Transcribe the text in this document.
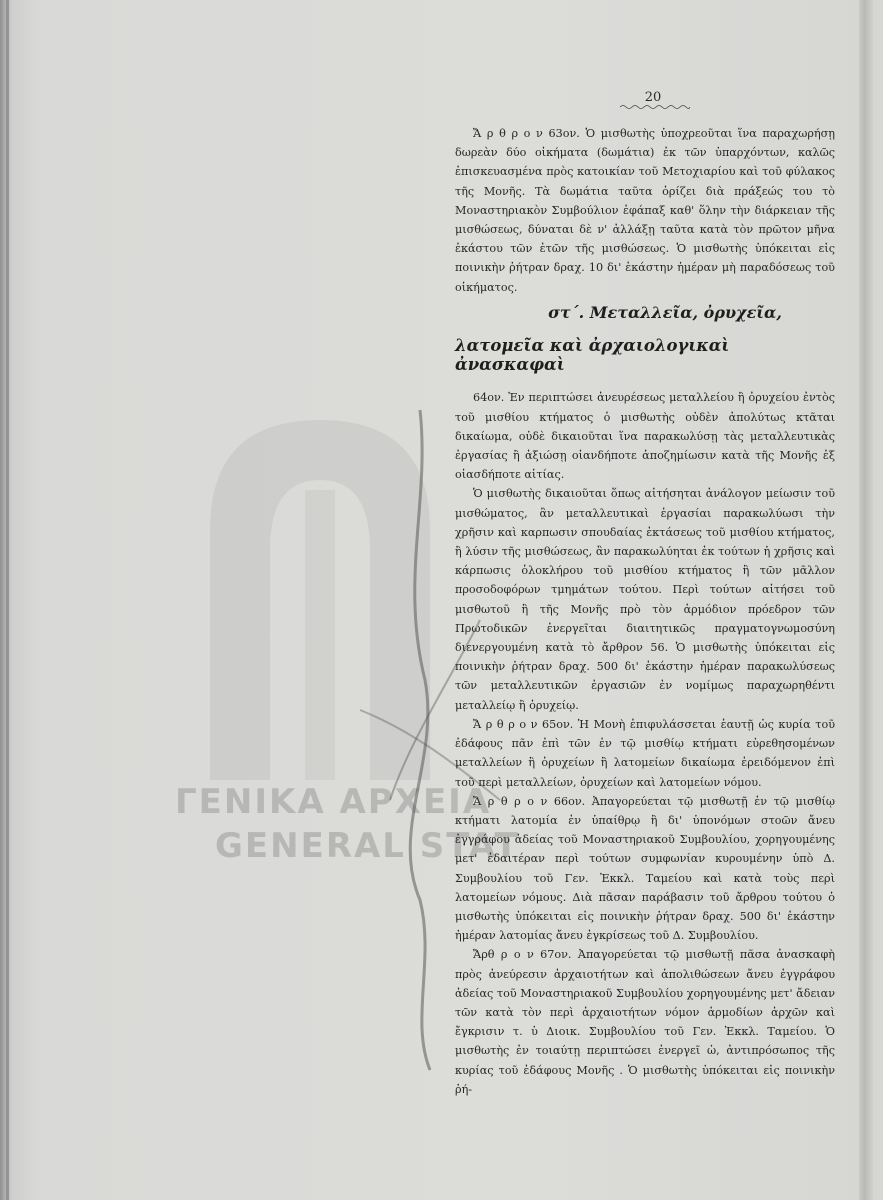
ΓΕΝΙΚΑ ΑΡΧΕΙΑ
GENERAL STAT
20

Ἄ ρ θ ρ ο ν 63ον. Ὁ μισθωτὴς ὑποχρεοῦται ἵνα παραχωρήσῃ δωρεὰν δύο οἰκήματα (δωμάτια) ἐκ τῶν ὑπαρχόντων, καλῶς ἐπισκευασμένα πρὸς κατοικίαν τοῦ Μετοχιαρίου καὶ τοῦ φύλακος τῆς Μονῆς. Τὰ δωμάτια ταῦτα ὁρίζει διὰ πράξεώς του τὸ Μοναστηριακὸν Συμβούλιον ἐφάπαξ καθ' ὅλην τὴν διάρκειαν τῆς μισθώσεως, δύναται δὲ ν' ἀλλάξῃ ταῦτα κατὰ τὸν πρῶτον μῆνα ἑκάστου τῶν ἐτῶν τῆς μισθώσεως. Ὁ μισθωτὴς ὑπόκειται εἰς ποινικὴν ῥήτραν δραχ. 10 δι' ἑκάστην ἡμέραν μὴ παραδόσεως τοῦ οἰκήματος.

στ΄. Μεταλλεῖα, ὀρυχεῖα,

λατομεῖα καὶ ἀρχαιολογικαὶ ἀνασκαφαὶ

64ον. Ἐν περιπτώσει ἀνευρέσεως μεταλλείου ἢ ὀρυχείου ἐντὸς τοῦ μισθίου κτήματος ὁ μισθωτὴς οὐδὲν ἀπολύτως κτᾶται δικαίωμα, οὐδὲ δικαιοῦται ἵνα παρακωλύσῃ τὰς μεταλλευτικὰς ἐργασίας ἢ ἀξιώσῃ οἱανδήποτε ἀποζημίωσιν κατὰ τῆς Μονῆς ἐξ οἱασδήποτε αἰτίας.

Ὁ μισθωτὴς δικαιοῦται ὅπως αἰτήσηται ἀνάλογον μείωσιν τοῦ μισθώματος, ἂν μεταλλευτικαὶ ἐργασίαι παρακωλύωσι τὴν χρῆσιν καὶ καρπωσιν σπουδαίας ἐκτάσεως τοῦ μισθίου κτήματος, ἢ λύσιν τῆς μισθώσεως, ἂν παρακωλύηται ἐκ τούτων ἡ χρῆσις καὶ κάρπωσις ὁλοκλήρου τοῦ μισθίου κτήματος ἢ τῶν μᾶλλον προσοδοφόρων τμημάτων τούτου. Περὶ τούτων αἰτήσει τοῦ μισθωτοῦ ἢ τῆς Μονῆς πρὸ τὸν ἁρμόδιον πρόεδρον τῶν Πρωτοδικῶν ἐνεργεῖται διαιτητικῶς πραγματογνωμοσύνη διενεργουμένη κατὰ τὸ ἄρθρον 56. Ὁ μισθωτὴς ὑπόκειται εἰς ποινικὴν ῥήτραν δραχ. 500 δι' ἑκάστην ἡμέραν παρακωλύσεως τῶν μεταλλευτικῶν ἐργασιῶν ἐν νομίμως παραχωρηθέντι μεταλλείῳ ἢ ὀρυχείῳ.

Ἄ ρ θ ρ ο ν 65ον. Ἡ Μονὴ ἐπιφυλάσσεται ἑαυτῇ ὡς κυρία τοῦ ἐδάφους πᾶν ἐπὶ τῶν ἐν τῷ μισθίῳ κτήματι εὑρεθησομένων μεταλλείων ἢ ὀρυχείων ἢ λατομείων δικαίωμα ἐρειδόμενον ἐπὶ τοῦ περὶ μεταλλείων, ὀρυχείων καὶ λατομείων νόμου.

Ἄ ρ θ ρ ο ν 66ον. Ἀπαγορεύεται τῷ μισθωτῇ ἐν τῷ μισθίῳ κτήματι λατομία ἐν ὑπαίθρῳ ἢ δι' ὑπονόμων στοῶν ἄνευ ἐγγράφου ἀδείας τοῦ Μοναστηριακοῦ Συμβουλίου, χορηγουμένης μετ' ἐδαιτέραν περὶ τούτων συμφωνίαν κυρουμένην ὑπὸ Δ. Συμβουλίου τοῦ Γεν. Ἐκκλ. Ταμείου καὶ κατὰ τοὺς περὶ λατομείων νόμους. Διὰ πᾶσαν παράβασιν τοῦ ἄρθρου τούτου ὁ μισθωτὴς ὑπόκειται εἰς ποινικὴν ῥήτραν δραχ. 500 δι' ἑκάστην ἡμέραν λατομίας ἄνευ ἐγκρίσεως τοῦ Δ. Συμβουλίου.

Ἄρθ ρ ο ν 67ον. Ἀπαγορεύεται τῷ μισθωτῇ πᾶσα ἀνασκαφὴ πρὸς ἀνεύρεσιν ἀρχαιοτήτων καὶ ἀπολιθώσεων ἄνευ ἐγγράφου ἀδείας τοῦ Μοναστηριακοῦ Συμβουλίου χορηγουμένης μετ' ἄδειαν τῶν κατὰ τὸν περὶ ἀρχαιοτήτων νόμον ἁρμοδίων ἀρχῶν καὶ ἔγκρισιν τ. ὑ Διοικ. Συμβουλίου τοῦ Γεν. Ἐκκλ. Ταμείου. Ὁ μισθωτὴς ἐν τοιαύτῃ περιπτώσει ἐνεργεῖ ὡ, ἀντιπρόσωπος τῆς κυρίας τοῦ ἐδάφους Μονῆς . Ὁ μισθωτὴς ὑπόκειται εἰς ποινικὴν ῥή-
